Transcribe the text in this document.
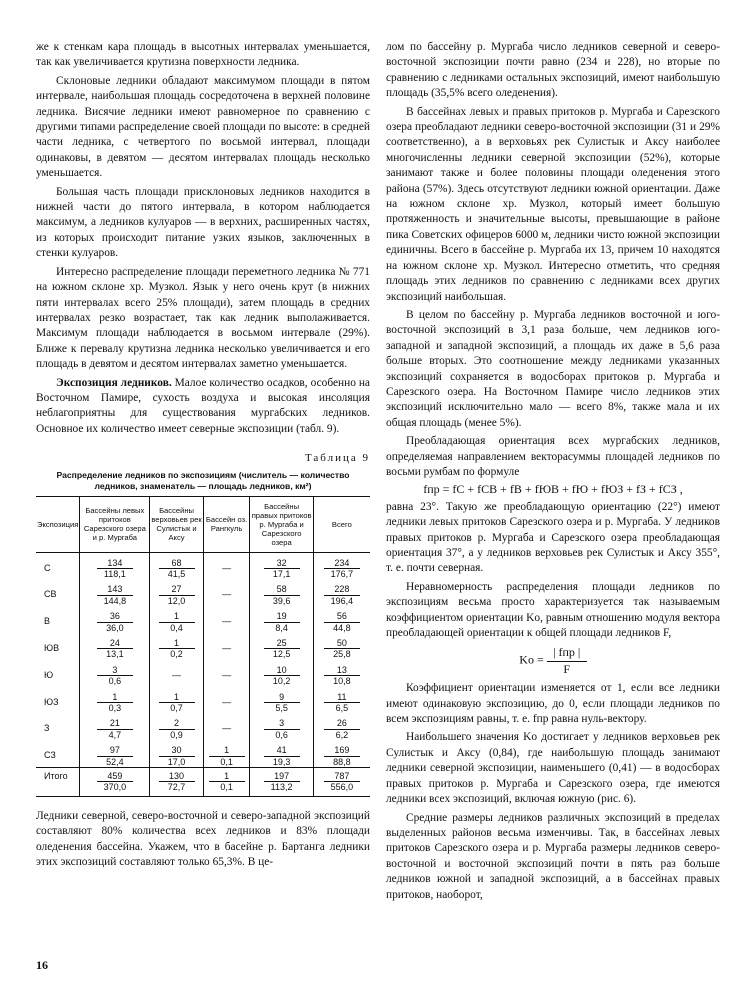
же к стенкам кара площадь в высотных интервалах уменьшается, так как увеличивается крутизна поверхности ледника.

Склоновые ледники обладают максимумом площади в пятом интервале, наибольшая площадь сосредоточена в верхней половине ледника. Висячие ледники имеют равномерное по сравнению с другими типами распределение своей площади по высоте: в средней части ледника, с четвертого по восьмой интервал, площади одинаковы, в девятом — десятом интервалах площадь несколько уменьшается.

Большая часть площади присклоновых ледников находится в нижней части до пятого интервала, в котором наблюдается максимум, а ледников кулуаров — в верхних, расширенных частях, из которых происходит питание узких языков, заключенных в стенки кулуаров.

Интересно распределение площади переметного ледника № 771 на южном склоне хр. Музкол. Язык у него очень крут (в нижних пяти интервалах всего 25% площади), затем площадь в средних интервалах резко возрастает, так как ледник выполаживается. Максимум площади наблюдается в восьмом интервале (29%). Ближе к перевалу крутизна ледника несколько увеличивается и его площадь в девятом и десятом интервалах заметно уменьшается.

Экспозиция ледников. Малое количество осадков, особенно на Восточном Памире, сухость воздуха и высокая инсоляция неблагоприятны для существования мургабских ледников. Основное их количество имеет северные экспозиции (табл. 9).

Таблица 9
Распределение ледников по экспозициям (числитель — количество ледников, знаменатель — площадь ледников, км²)
Экспозиция	Бассейны левых притоков Сарезского озера и р. Мургаба	Бассейны верховьев рек Сулистык и Аксу	Бассейн оз. Рангкуль	Бассейны правых притоков р. Мургаба и Сарезского озера	Всего
С	$\frac{134}{118,1}$	$\frac{68}{41,5}$	—	$\frac{32}{17,1}$	$\frac{234}{176,7}$

СВ	$\frac{143}{144,8}$	$\frac{27}{12,0}$	—	$\frac{58}{39,6}$	$\frac{228}{196,4}$

В	$\frac{36}{36,0}$	$\frac{1}{0,4}$	—	$\frac{19}{8,4}$	$\frac{56}{44,8}$

ЮВ	$\frac{24}{13,1}$	$\frac{1}{0,2}$	—	$\frac{25}{12,5}$	$\frac{50}{25,8}$

Ю	$\frac{3}{0,6}$	—	—	$\frac{10}{10,2}$	$\frac{13}{10,8}$

ЮЗ	$\frac{1}{0,3}$	$\frac{1}{0,7}$	—	$\frac{9}{5,5}$	$\frac{11}{6,5}$

З	$\frac{21}{4,7}$	$\frac{2}{0,9}$	—	$\frac{3}{0,6}$	$\frac{26}{6,2}$

СЗ	$\frac{97}{52,4}$	$\frac{30}{17,0}$	$\frac{1}{0,1}$	$\frac{41}{19,3}$	$\frac{169}{88,8}$

Итого	$\frac{459}{370,0}$	$\frac{130}{72,7}$	$\frac{1}{0,1}$	$\frac{197}{113,2}$	$\frac{787}{556,0}$

Ледники северной, северо-восточной и северо-западной экспозиций составляют 80% количества всех ледников и 83% площади оледенения бассейна. Укажем, что в басейне р. Бартанга ледники этих экспозиций составляют только 65,3%. В це-

лом по бассейну р. Мургаба число ледников северной и северо-восточной экспозиции почти равно (234 и 228), но вторые по сравнению с ледниками остальных экспозиций, имеют наибольшую площадь (35,5% всего оледенения).

В бассейнах левых и правых притоков р. Мургаба и Сарезского озера преобладают ледники северо-восточной экспозиции (31 и 29% соответственно), а в верховьях рек Сулистык и Аксу наиболее многочисленны ледники северной экспозиции (52%), которые занимают также и более половины площади оледенения этого района (57%). Здесь отсутствуют ледники южной ориентации. Даже на южном склоне хр. Музкол, который имеет большую протяженность и значительные высоты, превышающие в районе пика Советских офицеров 6000 м, ледники чисто южной экспозиции единичны. Всего в бассейне р. Мургаба их 13, причем 10 находятся на южном склоне хр. Музкол. Интересно отметить, что средняя площадь этих ледников по сравнению с ледниками всех других экспозиций наибольшая.

В целом по бассейну р. Мургаба ледников восточной и юго-восточной экспозиций в 3,1 раза больше, чем ледников юго-западной и западной экспозиций, а площадь их даже в 5,6 раза больше вторых. Это соотношение между ледниками указанных экспозиций сохраняется в водосборах притоков р. Мургаба и Сарезского озера. На Восточном Памире число ледников этих экспозиций исключительно мало — всего 8%, также мала и их общая площадь (менее 5%).

Преобладающая ориентация всех мургабских ледников, определяемая направлением векторасуммы площадей ледников по восьми румбам по формуле

fпр = fC + fCB + fB + fЮB + fЮ + fЮЗ + fЗ + fСЗ ,

равна 23°. Такую же преобладающую ориентацию (22°) имеют ледники левых притоков Сарезского озера и р. Мургаба. У ледников правых притоков р. Мургаба и Сарезского озера преобладающая ориентация 37°, а у ледников верховьев рек Сулистык и Аксу 355°, т. е. почти северная.

Неравномерность распределения площади ледников по экспозициям весьма просто характеризуется так называемым коэффициентом ориентации Kо, равным отношению модуля вектора преобладающей ориентации к общей площади ледников F,

Kо =
| fпр |
F

Коэффициент ориентации изменяется от 1, если все ледники имеют одинаковую экспозицию, до 0, если площади ледников по всем экспозициям равны, т. е. fпр равна нуль-вектору.

Наибольшего значения Kо достигает у ледников верховьев рек Сулистык и Аксу (0,84), где наибольшую площадь занимают ледники северной экспозиции, наименьшего (0,41) — в водосборах правых притоков р. Мургаба и Сарезского озера, где имеются ледники всех экспозиций, включая южную (рис. 6).

Средние размеры ледников различных экспозиций в пределах выделенных районов весьма изменчивы. Так, в бассейнах левых притоков Сарезского озера и р. Мургаба размеры ледников северо-восточной и восточной экспозиций почти в пять раз больше ледников южной и западной экспозиций, а в бассейнах правых притоков, наоборот,

16
